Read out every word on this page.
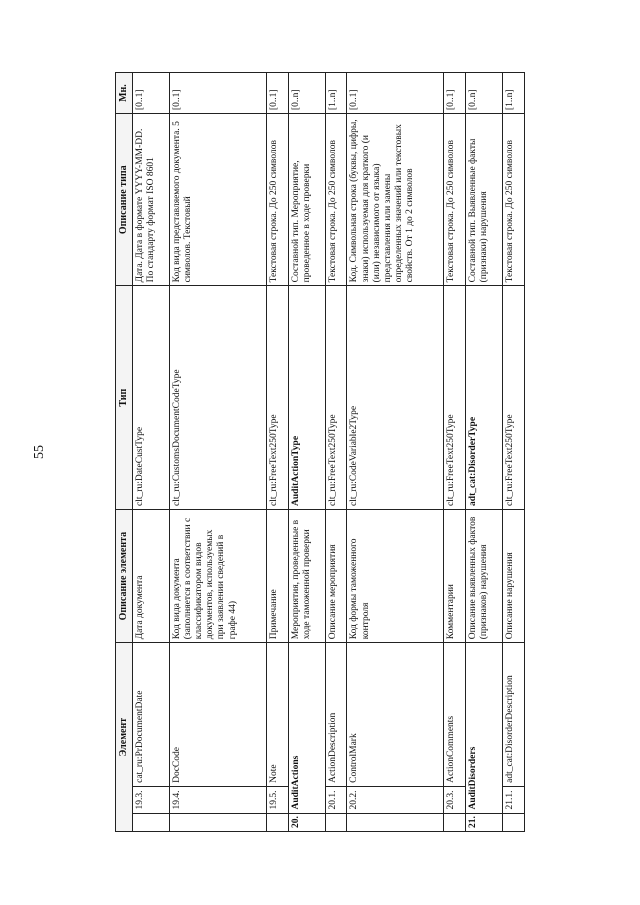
55
Элемент			Описание элемента	Тип	Описание типа	Мн.
	19.3.	cat_ru:PrDocumentDate	Дата документа	clt_ru:DateCustType	Дата. Дата в формате YYYY-MM-DD. По стандарту формат ISO 8601	[0..1]
	19.4.	DocCode	Код вида документа (заполняется в соответствии с классификатором видов документов, используемых при заявлении сведений в графе 44)	clt_ru:CustomsDocumentCodeType	Код вида представляемого документа. 5 символов. Текстовый	[0..1]
	19.5.	Note	Примечание	clt_ru:FreeText250Type	Текстовая строка. До 250 символов	[0..1]
20.	AuditActions		Мероприятия, проведенные в ходе таможенной проверки	AuditActionType	Составной тип. Мероприятие, проведенное в ходе проверки	[0..n]
	20.1.	ActionDescription	Описание мероприятия	clt_ru:FreeText250Type	Текстовая строка. До 250 символов	[1..n]
	20.2.	ControlMark	Код формы таможенного контроля	clt_ru:CodeVariable2Type	Код. Символьная строка (буквы, цифры, знаки) используемая для краткого (и (или) независимого от языка) представления или замены определенных значений или текстовых свойств. От 1 до 2 символов	[0..1]
	20.3.	ActionComments	Комментарии	clt_ru:FreeText250Type	Текстовая строка. До 250 символов	[0..1]
21.	AuditDisorders		Описание выявленных фактов (признаков) нарушения	adt_cat:DisorderType	Составной тип. Выявленные факты (признаки) нарушения	[0..n]
	21.1.	adt_cat:DisorderDescription	Описание нарушения	clt_ru:FreeText250Type	Текстовая строка. До 250 символов	[1..n]
